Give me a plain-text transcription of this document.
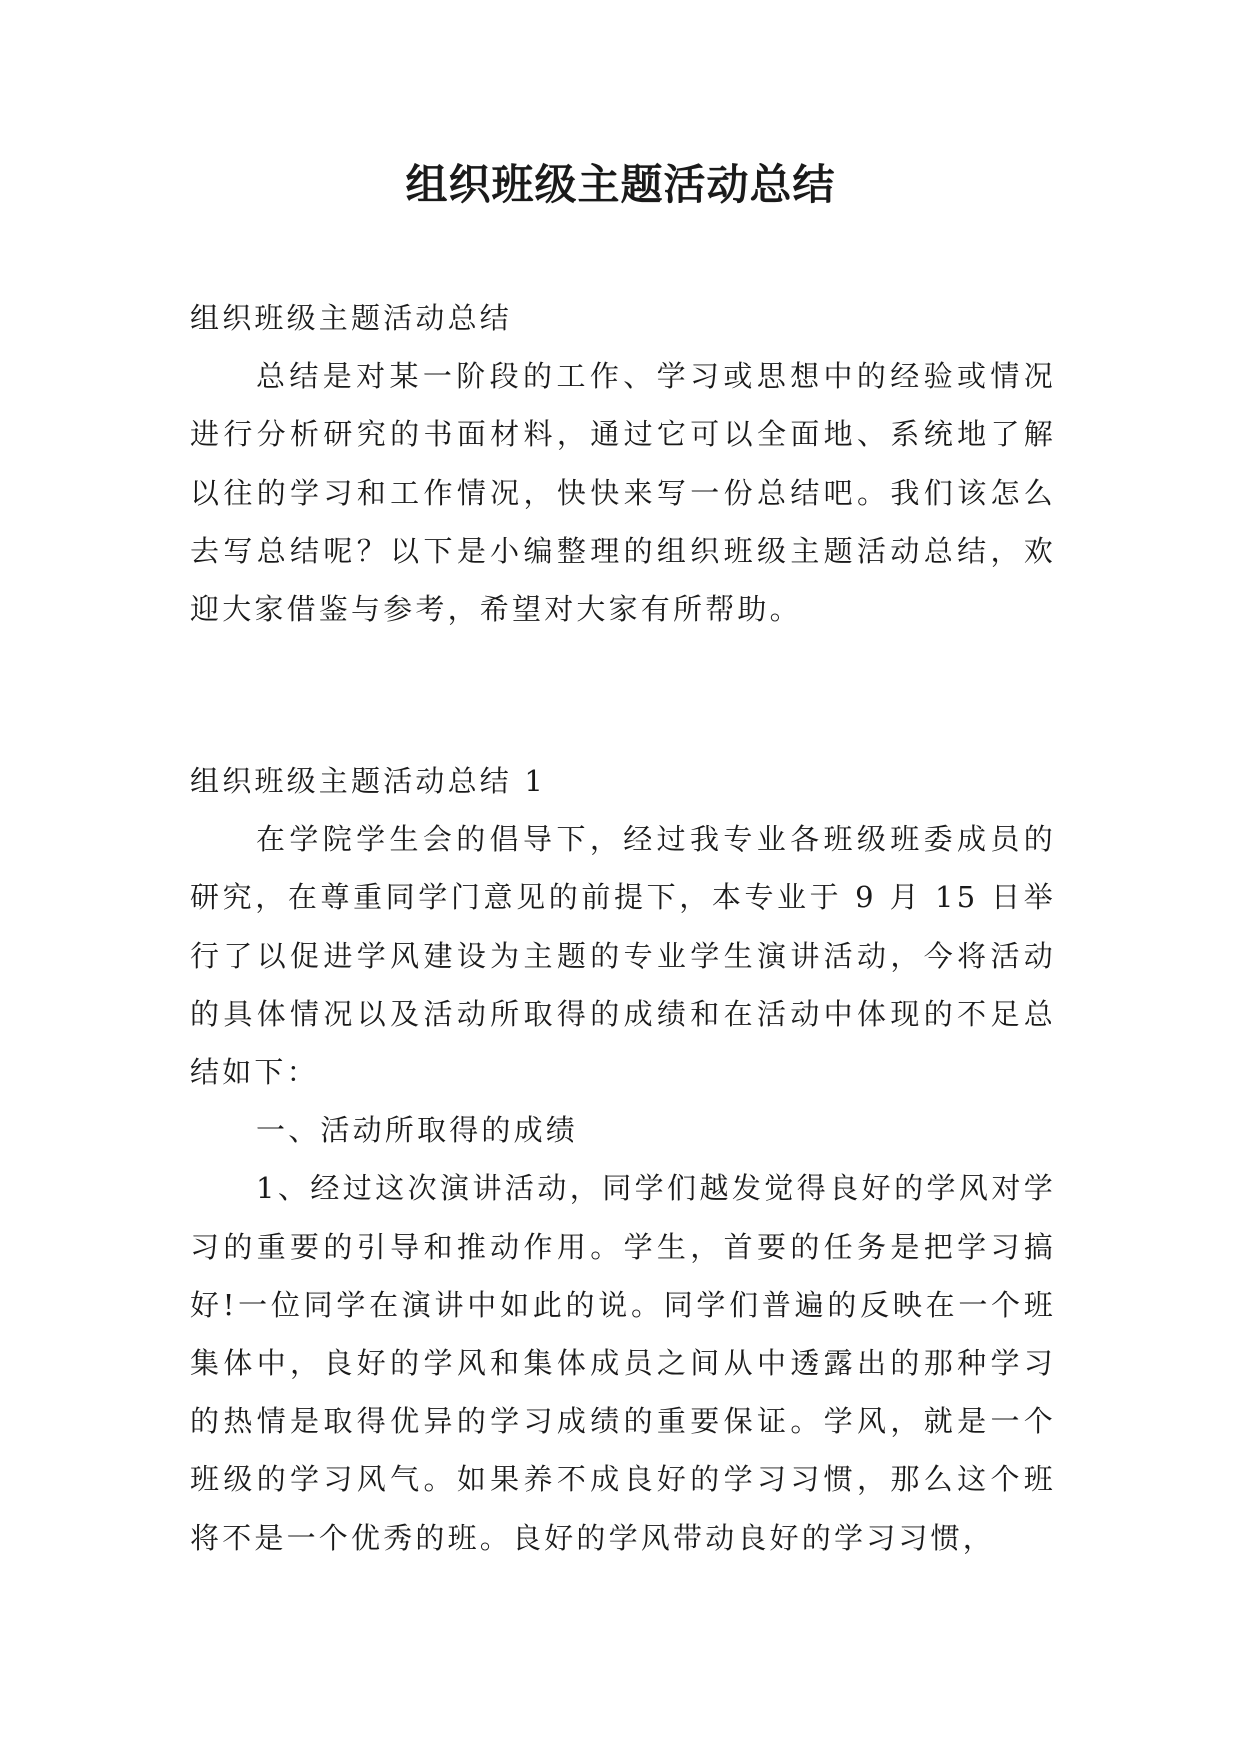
组织班级主题活动总结

组织班级主题活动总结

总结是对某一阶段的工作、学习或思想中的经验或情况进行分析研究的书面材料，通过它可以全面地、系统地了解以往的学习和工作情况，快快来写一份总结吧。我们该怎么去写总结呢？以下是小编整理的组织班级主题活动总结，欢迎大家借鉴与参考，希望对大家有所帮助。

组织班级主题活动总结 1

在学院学生会的倡导下，经过我专业各班级班委成员的研究，在尊重同学门意见的前提下，本专业于 9 月 15 日举行了以促进学风建设为主题的专业学生演讲活动，今将活动的具体情况以及活动所取得的成绩和在活动中体现的不足总结如下：

一、活动所取得的成绩

1、经过这次演讲活动，同学们越发觉得良好的学风对学习的重要的引导和推动作用。学生，首要的任务是把学习搞好!一位同学在演讲中如此的说。同学们普遍的反映在一个班集体中，良好的学风和集体成员之间从中透露出的那种学习的热情是取得优异的学习成绩的重要保证。学风，就是一个班级的学习风气。如果养不成良好的学习习惯，那么这个班将不是一个优秀的班。良好的学风带动良好的学习习惯，
